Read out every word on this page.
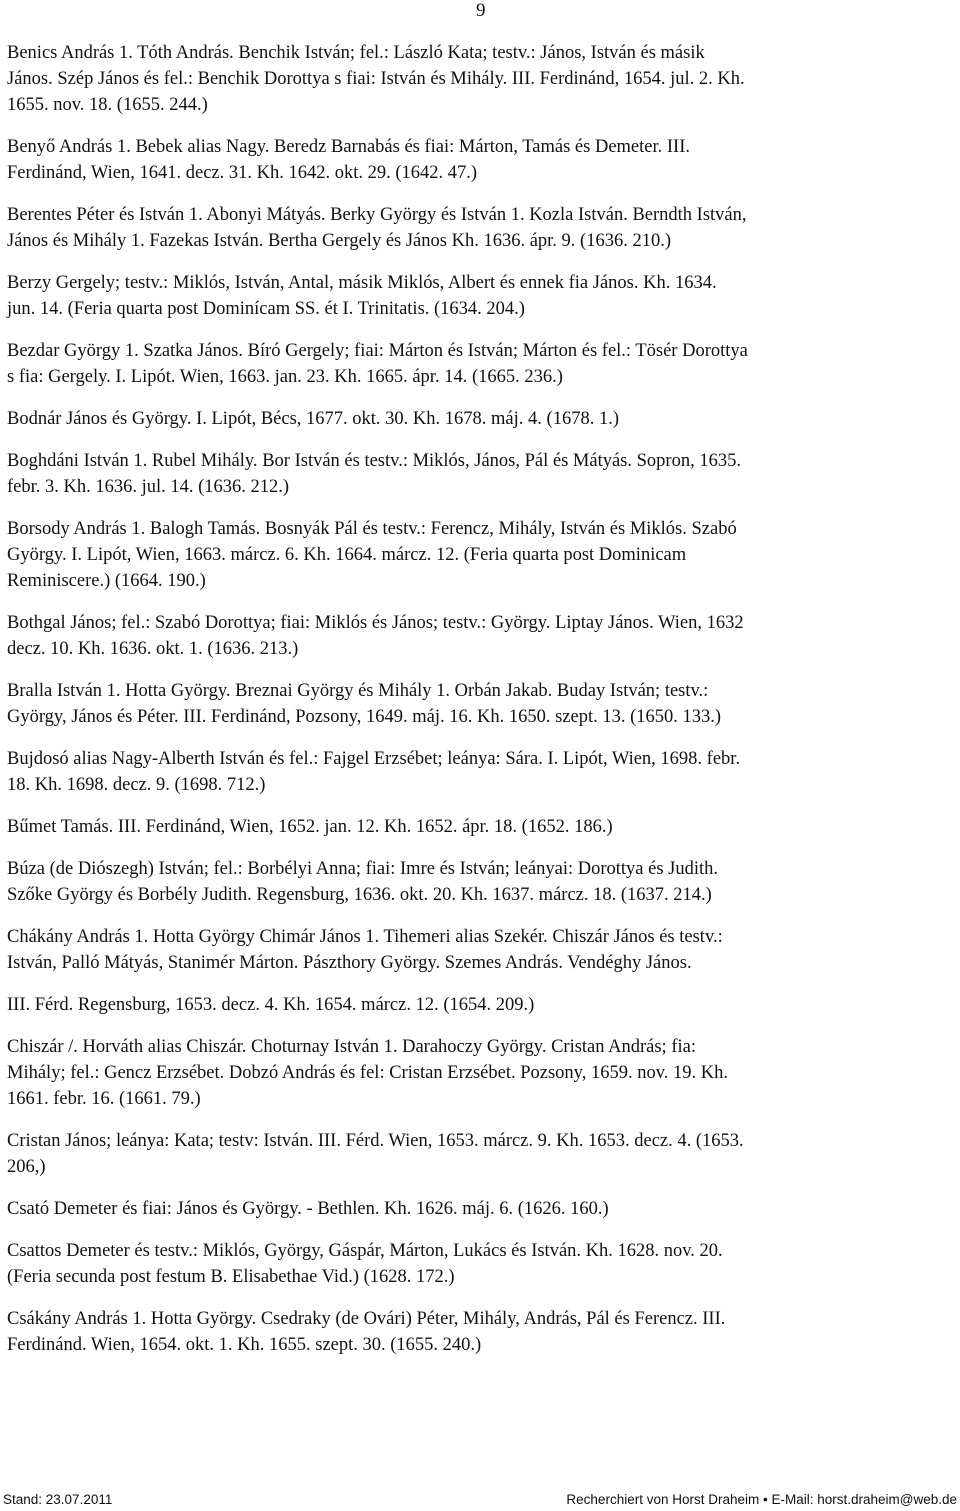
9
Benics András 1. Tóth András. Benchik István; fel.: László Kata; testv.: János, István és másik
János. Szép János és fel.: Benchik Dorottya s fiai: István és Mihály. III. Ferdinánd, 1654. jul. 2. Kh.
1655. nov. 18. (1655. 244.)
Benyő András 1. Bebek alias Nagy. Beredz Barnabás és fiai: Márton, Tamás és Demeter. III.
Ferdinánd, Wien, 1641. decz. 31. Kh. 1642. okt. 29. (1642. 47.)
Berentes Péter és István 1. Abonyi Mátyás. Berky György és István 1. Kozla István. Berndth István,
János és Mihály 1. Fazekas István. Bertha Gergely és János Kh. 1636. ápr. 9. (1636. 210.)
Berzy Gergely; testv.: Miklós, István, Antal, másik Miklós, Albert és ennek fia János. Kh. 1634.
jun. 14. (Feria quarta post Dominícam SS. ét I. Trinitatis. (1634. 204.)
Bezdar György 1. Szatka János. Bíró Gergely; fiai: Márton és István; Márton és fel.: Tösér Dorottya
s fia: Gergely. I. Lipót. Wien, 1663. jan. 23. Kh. 1665. ápr. 14. (1665. 236.)
Bodnár János és György. I. Lipót, Bécs, 1677. okt. 30. Kh. 1678. máj. 4. (1678. 1.)
Boghdáni István 1. Rubel Mihály. Bor István és testv.: Miklós, János, Pál és Mátyás. Sopron, 1635.
febr. 3. Kh. 1636. jul. 14. (1636. 212.)
Borsody András 1. Balogh Tamás. Bosnyák Pál és testv.: Ferencz, Mihály, István és Miklós. Szabó
György. I. Lipót, Wien, 1663. márcz. 6. Kh. 1664. márcz. 12. (Feria quarta post Dominicam
Reminiscere.) (1664. 190.)
Bothgal János; fel.: Szabó Dorottya; fiai: Miklós és János; testv.: György. Liptay János. Wien, 1632
decz. 10. Kh. 1636. okt. 1. (1636. 213.)
Bralla István 1. Hotta György. Breznai György és Mihály 1. Orbán Jakab. Buday István; testv.:
György, János és Péter. III. Ferdinánd, Pozsony, 1649. máj. 16. Kh. 1650. szept. 13. (1650. 133.)
Bujdosó alias Nagy-Alberth István és fel.: Fajgel Erzsébet; leánya: Sára. I. Lipót, Wien, 1698. febr.
18. Kh. 1698. decz. 9. (1698. 712.)
Bűmet Tamás. III. Ferdinánd, Wien, 1652. jan. 12. Kh. 1652. ápr. 18. (1652. 186.)
Búza (de Diószegh) István; fel.: Borbélyi Anna; fiai: Imre és István; leányai: Dorottya és Judith.
Szőke György és Borbély Judith. Regensburg, 1636. okt. 20. Kh. 1637. márcz. 18. (1637. 214.)
Chákány András 1. Hotta György Chimár János 1. Tihemeri alias Szekér. Chiszár János és testv.:
István, Palló Mátyás, Stanimér Márton. Pászthory György. Szemes András. Vendéghy János.
III. Férd. Regensburg, 1653. decz. 4. Kh. 1654. márcz. 12. (1654. 209.)
Chiszár /. Horváth alias Chiszár. Choturnay István 1. Darahoczy György. Cristan András; fia:
Mihály; fel.: Gencz Erzsébet. Dobzó András és fel: Cristan Erzsébet. Pozsony, 1659. nov. 19. Kh.
1661. febr. 16. (1661. 79.)
Cristan János; leánya: Kata; testv: István. III. Férd. Wien, 1653. márcz. 9. Kh. 1653. decz. 4. (1653.
206,)
Csató Demeter és fiai: János és György. - Bethlen. Kh. 1626. máj. 6. (1626. 160.)
Csattos Demeter és testv.: Miklós, György, Gáspár, Márton, Lukács és István. Kh. 1628. nov. 20.
(Feria secunda post festum B. Elisabethae Vid.) (1628. 172.)
Csákány András 1. Hotta György. Csedraky (de Ovári) Péter, Mihály, András, Pál és Ferencz. III.
Ferdinánd. Wien, 1654. okt. 1. Kh. 1655. szept. 30. (1655. 240.)
Stand: 23.07.2011	Recherchiert von Horst Draheim • E-Mail: horst.draheim@web.de
